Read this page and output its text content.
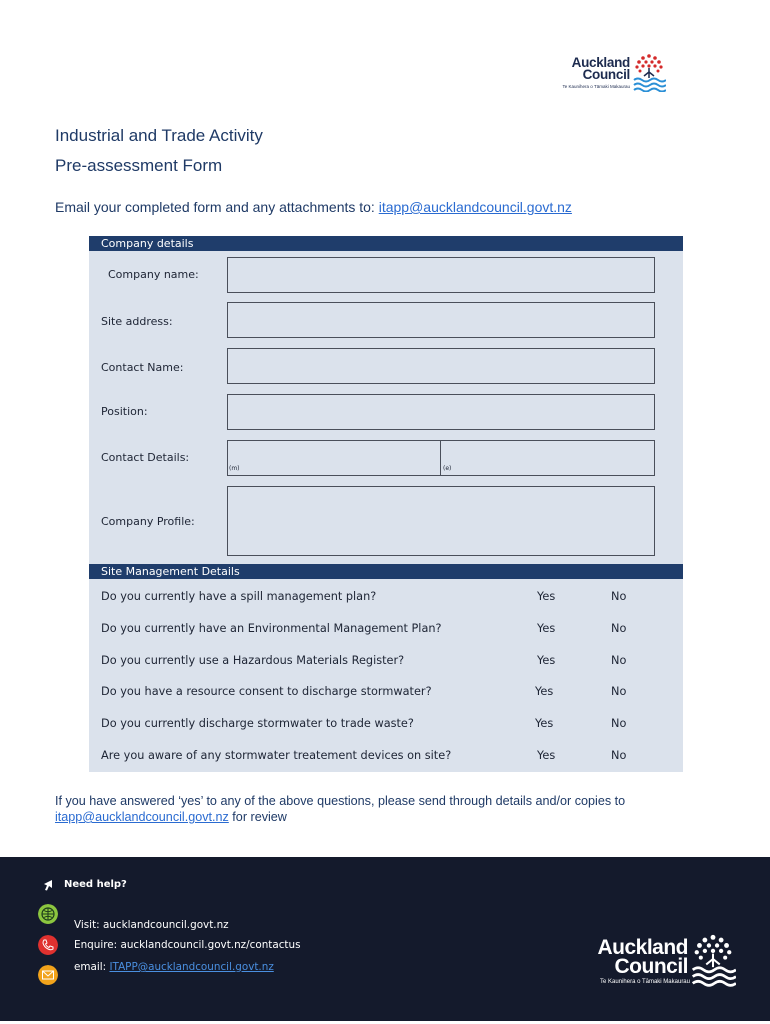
Auckland
Council
Te Kaunihera o Tāmaki Makaurau
Industrial and Trade Activity
Pre-assessment Form
Email your completed form and any attachments to: itapp@aucklandcouncil.govt.nz
Company details
Company name:
Site address:
Contact Name:
Position:
Contact Details:
(m)	(e)
Company Profile:
Site Management Details
Do you currently have a spill management plan?	Yes	No
Do you currently have an Environmental Management Plan?	Yes	No
Do you currently use a Hazardous Materials Register?	Yes	No
Do you have a resource consent to discharge stormwater?	Yes	No
Do you currently discharge stormwater to trade waste?	Yes	No
Are you aware of any stormwater treatement devices on site?	Yes	No
If you have answered ‘yes’ to any of the above questions, please send through details and/or copies to itapp@aucklandcouncil.govt.nz for review
Need help?
Visit: aucklandcouncil.govt.nz
Enquire: aucklandcouncil.govt.nz/contactus
email: ITAPP@aucklandcouncil.govt.nz
Auckland
Council
Te Kaunihera o Tāmaki Makaurau
